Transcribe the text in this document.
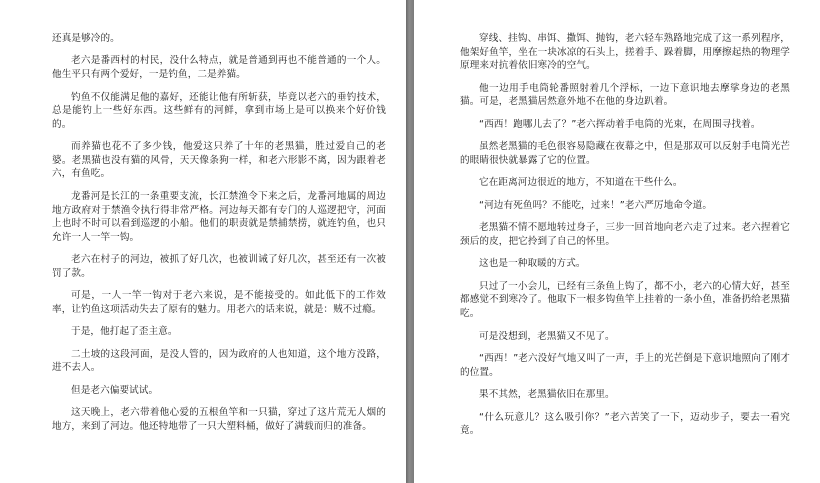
还真是够冷的。

老六是番西村的村民，没什么特点，就是普通到再也不能普通的一个人。他生平只有两个爱好，一是钓鱼，二是养猫。

钓鱼不仅能满足他的嘉好，还能让他有所斩获，毕竟以老六的垂钓技术，总是能钓上一些好东西。这些鲜有的河鲜，拿到市场上是可以换来个好价钱的。

而养猫也花不了多少钱，他爱这只养了十年的老黑猫，胜过爱自己的老婆。老黑猫也没有猫的风骨，天天像条狗一样，和老六形影不离，因为跟着老六，有鱼吃。

龙番河是长江的一条重要支流，长江禁渔令下来之后，龙番河地属的周边地方政府对于禁渔令执行得非常严格。河边每天都有专门的人巡逻把守，河面上也时不时可以看到巡逻的小船。他们的职责就是禁捕禁捞，就连钓鱼，也只允许一人一竿一钩。

老六在村子的河边，被抓了好几次，也被训诫了好几次，甚至还有一次被罚了款。

可是，一人一竿一钩对于老六来说，是不能接受的。如此低下的工作效率，让钓鱼这项活动失去了原有的魅力。用老六的话来说，就是：贼不过瘾。

于是，他打起了歪主意。

二土坡的这段河面，是没人管的，因为政府的人也知道，这个地方没路，进不去人。

但是老六偏要试试。

这天晚上，老六带着他心爱的五根鱼竿和一只猫，穿过了这片荒无人烟的地方，来到了河边。他还特地带了一只大塑料桶，做好了满载而归的准备。

穿线、挂钩、串饵、撒饵、抛钩，老六轻车熟路地完成了这一系列程序，他架好鱼竿，坐在一块冰凉的石头上，搓着手、跺着脚，用摩擦起热的物理学原理来对抗着依旧寒冷的空气。

他一边用手电筒轮番照射着几个浮标，一边下意识地去摩挲身边的老黑猫。可是，老黑猫居然意外地不在他的身边趴着。

“西西！跑哪儿去了？”老六挥动着手电筒的光束，在周围寻找着。

虽然老黑猫的毛色很容易隐藏在夜幕之中，但是那双可以反射手电筒光芒的眼睛很快就暴露了它的位置。

它在距离河边很近的地方，不知道在干些什么。

“河边有死鱼吗？不能吃，过来！”老六严厉地命令道。

老黑猫不情不愿地转过身子，三步一回首地向老六走了过来。老六捏着它颈后的皮，把它拎到了自己的怀里。

这也是一种取暖的方式。

只过了一小会儿，已经有三条鱼上钩了，都不小，老六的心情大好，甚至都感觉不到寒冷了。他取下一根多钩鱼竿上挂着的一条小鱼，准备扔给老黑猫吃。

可是没想到，老黑猫又不见了。

“西西！”老六没好气地又叫了一声，手上的光芒倒是下意识地照向了刚才的位置。

果不其然，老黑猫依旧在那里。

“什么玩意儿？这么吸引你？”老六苦笑了一下，迈动步子，要去一看究竟。
